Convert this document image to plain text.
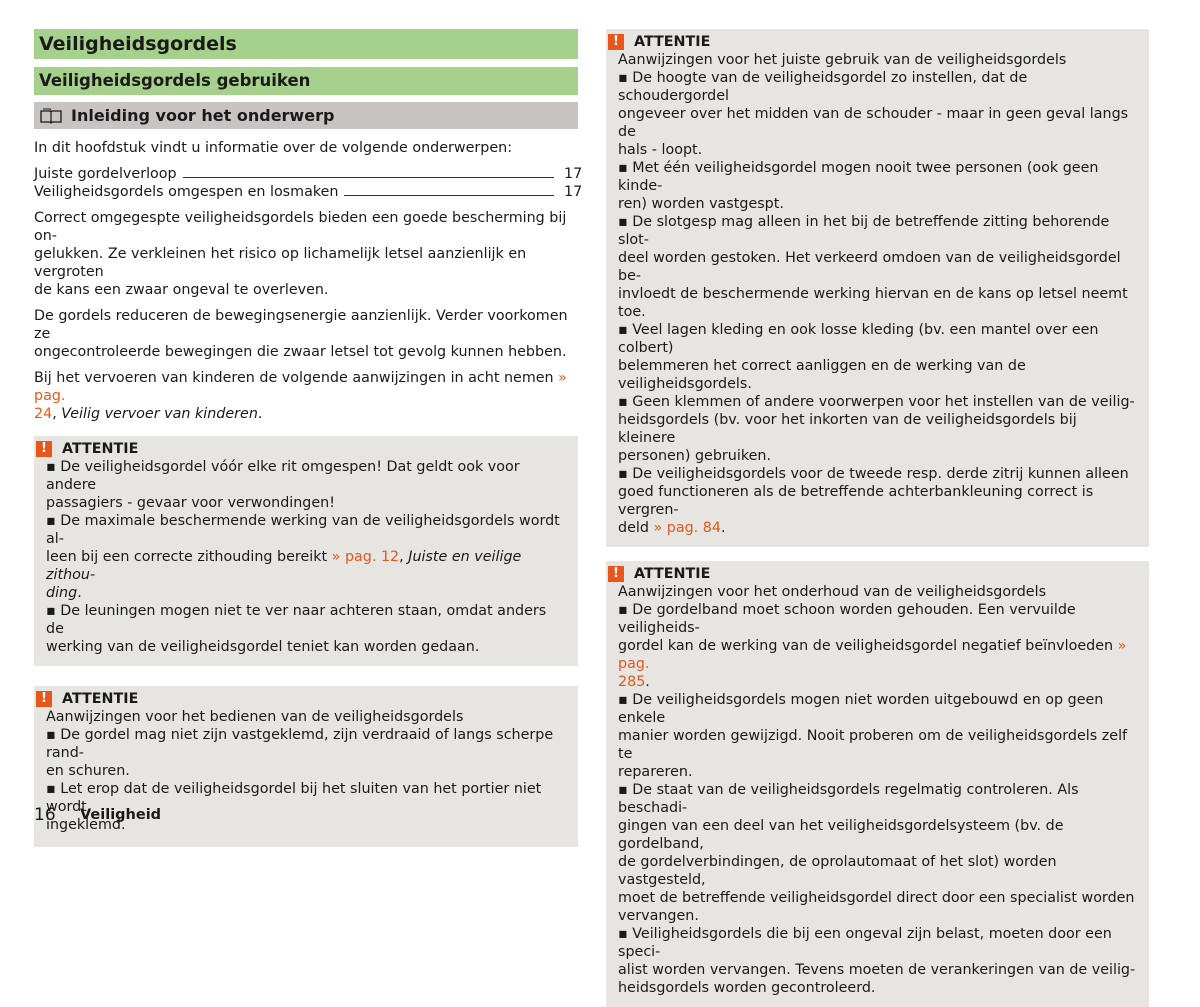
Veiligheidsgordels
Veiligheidsgordels gebruiken
Inleiding voor het onderwerp

In dit hoofdstuk vindt u informatie over de volgende onderwerpen:

Juiste gordelverloop	17
Veiligheidsgordels omgespen en losmaken	17

Correct omgegespte veiligheidsgordels bieden een goede bescherming bij on-
gelukken. Ze verkleinen het risico op lichamelijk letsel aanzienlijk en vergroten
de kans een zwaar ongeval te overleven.

De gordels reduceren de bewegingsenergie aanzienlijk. Verder voorkomen ze
ongecontroleerde bewegingen die zwaar letsel tot gevolg kunnen hebben.

Bij het vervoeren van kinderen de volgende aanwijzingen in acht nemen » pag.
24, Veilig vervoer van kinderen.

!	ATTENTIE

▪ De veiligheidsgordel vóór elke rit omgespen! Dat geldt ook voor andere
passagiers - gevaar voor verwondingen!
▪ De maximale beschermende werking van de veiligheidsgordels wordt al-
leen bij een correcte zithouding bereikt » pag. 12, Juiste en veilige zithou-
ding.
▪ De leuningen mogen niet te ver naar achteren staan, omdat anders de
werking van de veiligheidsgordel teniet kan worden gedaan.

!	ATTENTIE

Aanwijzingen voor het bedienen van de veiligheidsgordels
▪ De gordel mag niet zijn vastgeklemd, zijn verdraaid of langs scherpe rand-
en schuren.
▪ Let erop dat de veiligheidsgordel bij het sluiten van het portier niet wordt
ingeklemd.

!	ATTENTIE

Aanwijzingen voor het juiste gebruik van de veiligheidsgordels
▪ De hoogte van de veiligheidsgordel zo instellen, dat de schoudergordel
ongeveer over het midden van de schouder - maar in geen geval langs de
hals - loopt.
▪ Met één veiligheidsgordel mogen nooit twee personen (ook geen kinde-
ren) worden vastgespt.
▪ De slotgesp mag alleen in het bij de betreffende zitting behorende slot-
deel worden gestoken. Het verkeerd omdoen van de veiligheidsgordel be-
invloedt de beschermende werking hiervan en de kans op letsel neemt toe.
▪ Veel lagen kleding en ook losse kleding (bv. een mantel over een colbert)
belemmeren het correct aanliggen en de werking van de veiligheidsgordels.
▪ Geen klemmen of andere voorwerpen voor het instellen van de veilig-
heidsgordels (bv. voor het inkorten van de veiligheidsgordels bij kleinere
personen) gebruiken.
▪ De veiligheidsgordels voor de tweede resp. derde zitrij kunnen alleen
goed functioneren als de betreffende achterbankleuning correct is vergren-
deld » pag. 84.

!	ATTENTIE

Aanwijzingen voor het onderhoud van de veiligheidsgordels
▪ De gordelband moet schoon worden gehouden. Een vervuilde veiligheids-
gordel kan de werking van de veiligheidsgordel negatief beïnvloeden » pag.
285.
▪ De veiligheidsgordels mogen niet worden uitgebouwd en op geen enkele
manier worden gewijzigd. Nooit proberen om de veiligheidsgordels zelf te
repareren.
▪ De staat van de veiligheidsgordels regelmatig controleren. Als beschadi-
gingen van een deel van het veiligheidsgordelsysteem (bv. de gordelband,
de gordelverbindingen, de oprolautomaat of het slot) worden vastgesteld,
moet de betreffende veiligheidsgordel direct door een specialist worden
vervangen.
▪ Veiligheidsgordels die bij een ongeval zijn belast, moeten door een speci-
alist worden vervangen. Tevens moeten de verankeringen van de veilig-
heidsgordels worden gecontroleerd.

16	Veiligheid
